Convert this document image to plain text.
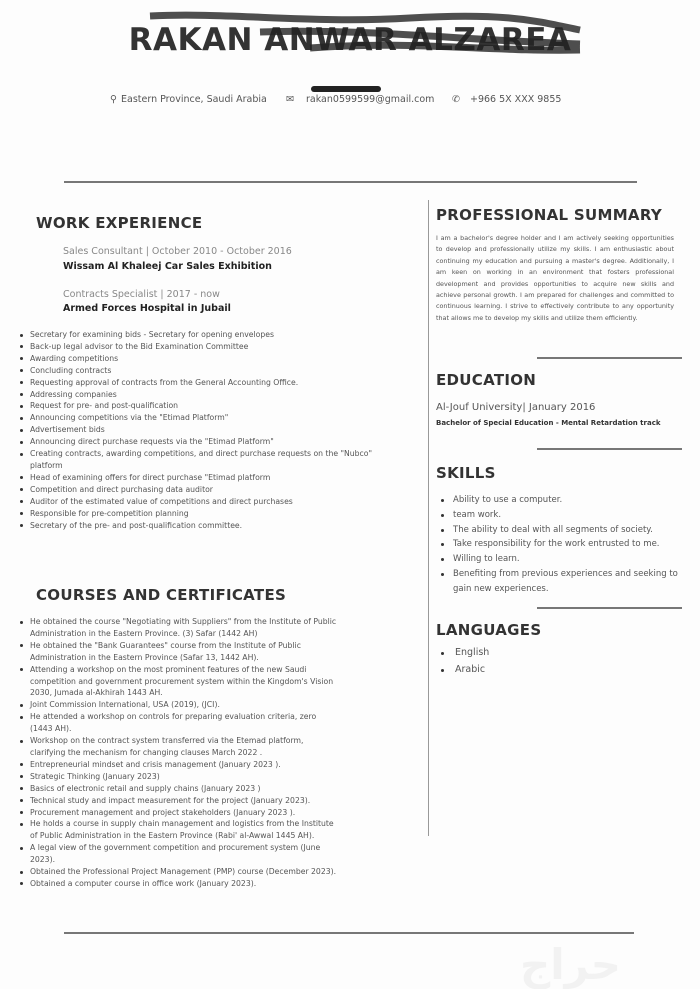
RAKAN ANWAR ALZAREA
⚲ Eastern Province, Saudi Arabia ✉ rakan0599599@gmail.com ✆ +966 5X XXX 9855
WORK EXPERIENCE
Sales Consultant | October 2010 - October 2016
Wissam Al Khaleej Car Sales Exhibition
Contracts Specialist | 2017 - now
Armed Forces Hospital in Jubail
Secretary for examining bids - Secretary for opening envelopes
Back-up legal advisor to the Bid Examination Committee
Awarding competitions
Concluding contracts
Requesting approval of contracts from the General Accounting Office.
Addressing companies
Request for pre- and post-qualification
Announcing competitions via the "Etimad Platform"
Advertisement bids
Announcing direct purchase requests via the "Etimad Platform"
Creating contracts, awarding competitions, and direct purchase requests on the "Nubco" platform
Head of examining offers for direct purchase "Etimad platform
Competition and direct purchasing data auditor
Auditor of the estimated value of competitions and direct purchases
Responsible for pre-competition planning
Secretary of the pre- and post-qualification committee.
COURSES AND CERTIFICATES
He obtained the course "Negotiating with Suppliers" from the Institute of Public Administration in the Eastern Province. (3) Safar (1442 AH)
He obtained the "Bank Guarantees" course from the Institute of Public Administration in the Eastern Province (Safar 13, 1442 AH).
Attending a workshop on the most prominent features of the new Saudi competition and government procurement system within the Kingdom's Vision 2030, Jumada al-Akhirah 1443 AH.
Joint Commission International, USA (2019), (JCI).
He attended a workshop on controls for preparing evaluation criteria, zero (1443 AH).
Workshop on the contract system transferred via the Etemad platform, clarifying the mechanism for changing clauses March 2022 .
Entrepreneurial mindset and crisis management (January 2023 ).
Strategic Thinking (January 2023)
Basics of electronic retail and supply chains (January 2023 )
Technical study and impact measurement for the project (January 2023).
Procurement management and project stakeholders (January 2023 ).
He holds a course in supply chain management and logistics from the Institute of Public Administration in the Eastern Province (Rabi' al-Awwal 1445 AH).
A legal view of the government competition and procurement system (June 2023).
Obtained the Professional Project Management (PMP) course (December 2023).
Obtained a computer course in office work (January 2023).
PROFESSIONAL SUMMARY
I am a bachelor's degree holder and I am actively seeking opportunities to develop and professionally utilize my skills. I am enthusiastic about continuing my education and pursuing a master's degree. Additionally, I am keen on working in an environment that fosters professional development and provides opportunities to acquire new skills and achieve personal growth. I am prepared for challenges and committed to continuous learning. I strive to effectively contribute to any opportunity that allows me to develop my skills and utilize them efficiently.
EDUCATION
Al-Jouf University| January 2016
Bachelor of Special Education - Mental Retardation track
SKILLS
Ability to use a computer.
team work.
The ability to deal with all segments of society.
Take responsibility for the work entrusted to me.
Willing to learn.
Benefiting from previous experiences and seeking to gain new experiences.
LANGUAGES
English
Arabic
حراج
